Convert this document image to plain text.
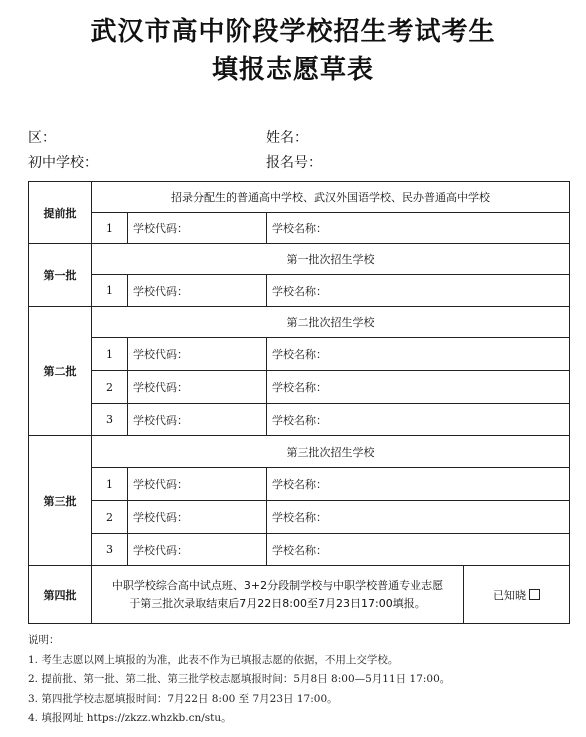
武汉市高中阶段学校招生考试考生
填报志愿草表
区：	姓名：
初中学校：	报名号：
提前批	招录分配生的普通高中学校、武汉外国语学校、民办普通高中学校			
	1	学校代码：	学校名称：	
第一批	第一批次招生学校			
	1	学校代码：	学校名称：	
第二批	第二批次招生学校			
	1	学校代码：	学校名称：	
	2	学校代码：	学校名称：	
	3	学校代码：	学校名称：	
第三批	第三批次招生学校			
	1	学校代码：	学校名称：	
	2	学校代码：	学校名称：	
	3	学校代码：	学校名称：	
第四批	中职学校综合高中试点班、3+2分段制学校与中职学校普通专业志愿
于第三批次录取结束后7月22日8:00至7月23日17:00填报。			已知晓
说明：
1. 考生志愿以网上填报的为准，此表不作为已填报志愿的依据，不用上交学校。
2. 提前批、第一批、第二批、第三批学校志愿填报时间：5月8日 8:00—5月11日 17:00。
3. 第四批学校志愿填报时间：7月22日 8:00 至 7月23日 17:00。
4. 填报网址 https://zkzz.whzkb.cn/stu。
